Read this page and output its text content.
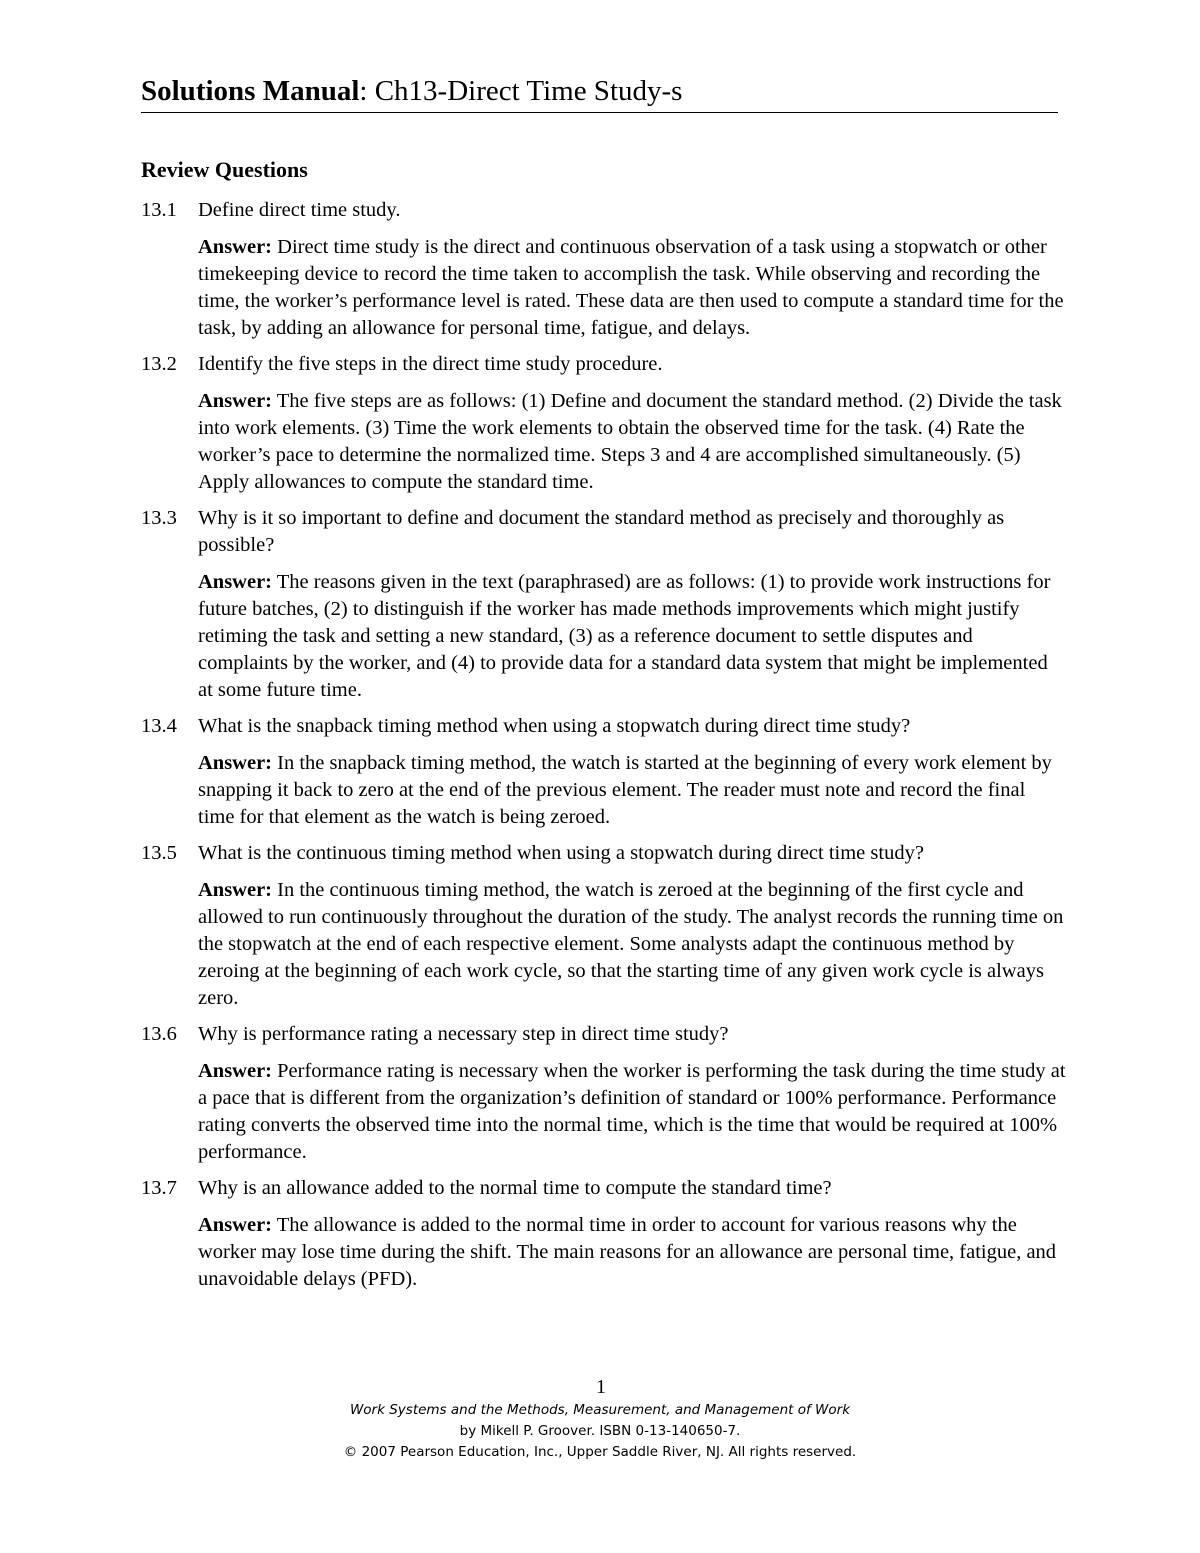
Solutions Manual: Ch13-Direct Time Study-s
Review Questions
13.1	Define direct time study.
Answer: Direct time study is the direct and continuous observation of a task using a stopwatch or other timekeeping device to record the time taken to accomplish the task. While observing and recording the time, the worker’s performance level is rated. These data are then used to compute a standard time for the task, by adding an allowance for personal time, fatigue, and delays.
13.2	Identify the five steps in the direct time study procedure.
Answer: The five steps are as follows: (1) Define and document the standard method. (2) Divide the task into work elements. (3) Time the work elements to obtain the observed time for the task. (4) Rate the worker’s pace to determine the normalized time. Steps 3 and 4 are accomplished simultaneously. (5) Apply allowances to compute the standard time.
13.3	Why is it so important to define and document the standard method as precisely and thoroughly as possible?
Answer: The reasons given in the text (paraphrased) are as follows: (1) to provide work instructions for future batches, (2) to distinguish if the worker has made methods improvements which might justify retiming the task and setting a new standard, (3) as a reference document to settle disputes and complaints by the worker, and (4) to provide data for a standard data system that might be implemented at some future time.
13.4	What is the snapback timing method when using a stopwatch during direct time study?
Answer: In the snapback timing method, the watch is started at the beginning of every work element by snapping it back to zero at the end of the previous element. The reader must note and record the final time for that element as the watch is being zeroed.
13.5	What is the continuous timing method when using a stopwatch during direct time study?
Answer: In the continuous timing method, the watch is zeroed at the beginning of the first cycle and allowed to run continuously throughout the duration of the study. The analyst records the running time on the stopwatch at the end of each respective element. Some analysts adapt the continuous method by zeroing at the beginning of each work cycle, so that the starting time of any given work cycle is always zero.
13.6	Why is performance rating a necessary step in direct time study?
Answer: Performance rating is necessary when the worker is performing the task during the time study at a pace that is different from the organization’s definition of standard or 100% performance. Performance rating converts the observed time into the normal time, which is the time that would be required at 100% performance.
13.7	Why is an allowance added to the normal time to compute the standard time?
Answer: The allowance is added to the normal time in order to account for various reasons why the worker may lose time during the shift. The main reasons for an allowance are personal time, fatigue, and unavoidable delays (PFD).
1
Work Systems and the Methods, Measurement, and Management of Work
by Mikell P. Groover. ISBN 0-13-140650-7.
© 2007 Pearson Education, Inc., Upper Saddle River, NJ. All rights reserved.
